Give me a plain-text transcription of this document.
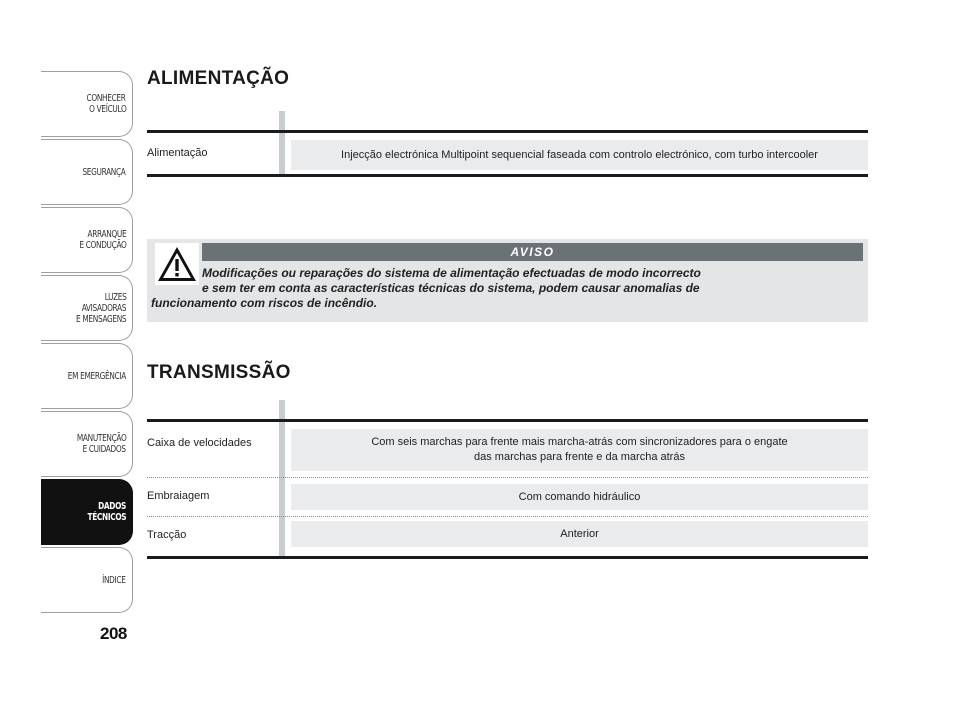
CONHECER
O VEÍCULO
SEGURANÇA
ARRANQUE
E CONDUÇÃO
LUZES
AVISADORAS
E MENSAGENS
EM EMERGÊNCIA
MANUTENÇÃO
E CUIDADOS
DADOS
TÉCNICOS
ÍNDICE
208
ALIMENTAÇÃO
Alimentação	Injecção electrónica Multipoint sequencial faseada com controlo electrónico, com turbo intercooler
AVISO
Modificações ou reparações do sistema de alimentação efectuadas de modo incorrecto
e sem ter em conta as características técnicas do sistema, podem causar anomalias de
funcionamento com riscos de incêndio.
TRANSMISSÃO
Caixa de velocidades	Com seis marchas para frente mais marcha-atrás com sincronizadores para o engate
das marchas para frente e da marcha atrás
Embraiagem	Com comando hidráulico
Tracção	Anterior
